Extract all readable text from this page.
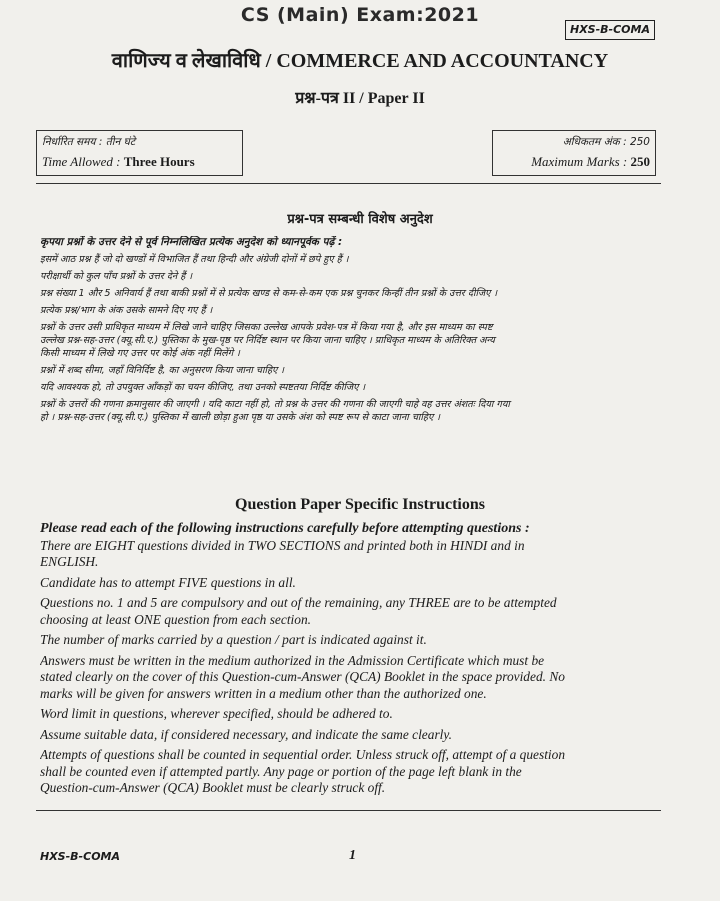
CS (Main) Exam:2021
HXS-B-COMA
वाणिज्य व लेखाविधि / COMMERCE AND ACCOUNTANCY
प्रश्न-पत्र II / Paper II
निर्धारित समय : तीन घंटे
Time Allowed : Three Hours
अधिकतम अंक : 250
Maximum Marks : 250
प्रश्न-पत्र सम्बन्धी विशेष अनुदेश

कृपया प्रश्नों के उत्तर देने से पूर्व निम्नलिखित प्रत्येक अनुदेश को ध्यानपूर्वक पढ़ें :

इसमें आठ प्रश्न हैं जो दो खण्डों में विभाजित हैं तथा हिन्दी और अंग्रेजी दोनों में छपे हुए हैं ।

परीक्षार्थी को कुल पाँच प्रश्नों के उत्तर देने हैं ।

प्रश्न संख्या 1 और 5 अनिवार्य हैं तथा बाकी प्रश्नों में से प्रत्येक खण्ड से कम-से-कम एक प्रश्न चुनकर किन्हीं तीन प्रश्नों के उत्तर दीजिए ।

प्रत्येक प्रश्न/भाग के अंक उसके सामने दिए गए हैं ।

प्रश्नों के उत्तर उसी प्राधिकृत माध्यम में लिखे जाने चाहिए जिसका उल्लेख आपके प्रवेश-पत्र में किया गया है, और इस माध्यम का स्पष्ट

उल्लेख प्रश्न-सह-उत्तर (क्यू.सी.ए.) पुस्तिका के मुख-पृष्ठ पर निर्दिष्ट स्थान पर किया जाना चाहिए । प्राधिकृत माध्यम के अतिरिक्त अन्य

किसी माध्यम में लिखे गए उत्तर पर कोई अंक नहीं मिलेंगे ।

प्रश्नों में शब्द सीमा, जहाँ विनिर्दिष्ट है, का अनुसरण किया जाना चाहिए ।

यदि आवश्यक हो, तो उपयुक्त आँकड़ों का चयन कीजिए, तथा उनको स्पष्टतया निर्दिष्ट कीजिए ।

प्रश्नों के उत्तरों की गणना क्रमानुसार की जाएगी । यदि काटा नहीं हो, तो प्रश्न के उत्तर की गणना की जाएगी चाहे वह उत्तर अंशतः दिया गया

हो । प्रश्न-सह-उत्तर (क्यू.सी.ए.) पुस्तिका में खाली छोड़ा हुआ पृष्ठ या उसके अंश को स्पष्ट रूप से काटा जाना चाहिए ।

Question Paper Specific Instructions

Please read each of the following instructions carefully before attempting questions :

There are EIGHT questions divided in TWO SECTIONS and printed both in HINDI and in

ENGLISH.

Candidate has to attempt FIVE questions in all.

Questions no. 1 and 5 are compulsory and out of the remaining, any THREE are to be attempted

choosing at least ONE question from each section.

The number of marks carried by a question / part is indicated against it.

Answers must be written in the medium authorized in the Admission Certificate which must be

stated clearly on the cover of this Question-cum-Answer (QCA) Booklet in the space provided. No

marks will be given for answers written in a medium other than the authorized one.

Word limit in questions, wherever specified, should be adhered to.

Assume suitable data, if considered necessary, and indicate the same clearly.

Attempts of questions shall be counted in sequential order. Unless struck off, attempt of a question

shall be counted even if attempted partly. Any page or portion of the page left blank in the

Question-cum-Answer (QCA) Booklet must be clearly struck off.

HXS-B-COMA	1
